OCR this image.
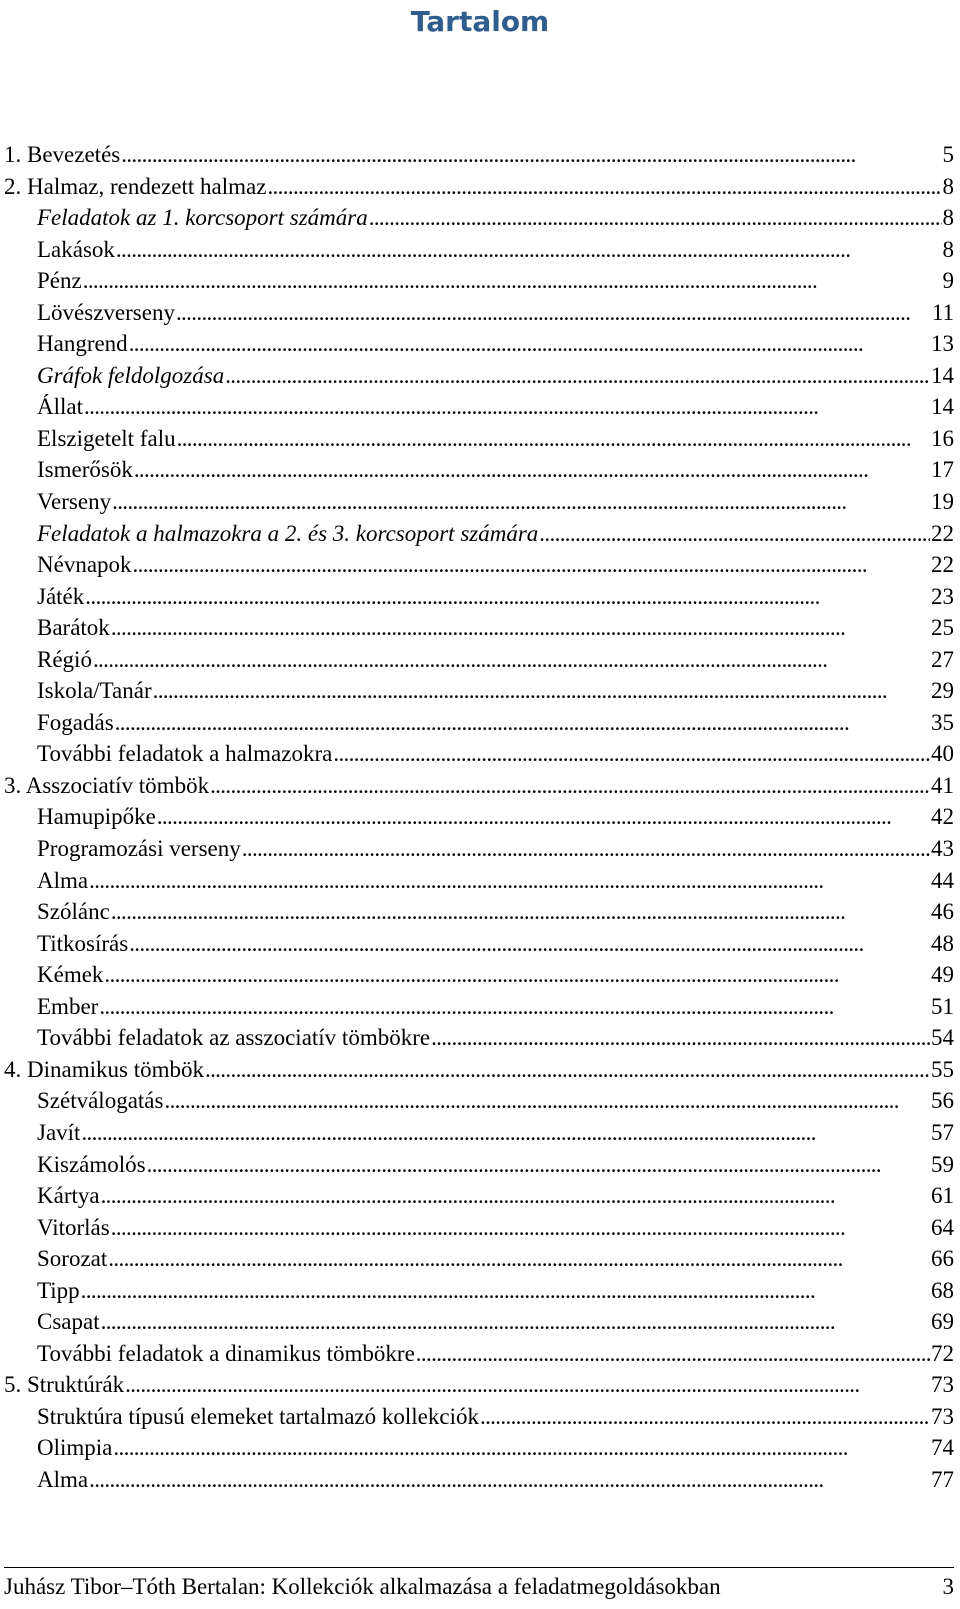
Tartalom
1. Bevezetés . . .	5
2. Halmaz, rendezett halmaz . . .	8
Feladatok az 1. korcsoport számára . . .	8
Lakások . . .	8
Pénz . . .	9
Lövészverseny . . .	11
Hangrend . . .	13
Gráfok feldolgozása . . .	14
Állat . . .	14
Elszigetelt falu . . .	16
Ismerősök . . .	17
Verseny . . .	19
Feladatok a halmazokra a 2. és 3. korcsoport számára . . .	22
Névnapok . . .	22
Játék . . .	23
Barátok . . .	25
Régió . . .	27
Iskola/Tanár . . .	29
Fogadás . . .	35
További feladatok a halmazokra . . .	40
3. Asszociatív tömbök . . .	41
Hamupipőke . . .	42
Programozási verseny . . .	43
Alma . . .	44
Szólánc . . .	46
Titkosírás . . .	48
Kémek . . .	49
Ember . . .	51
További feladatok az asszociatív tömbökre . . .	54
4. Dinamikus tömbök . . .	55
Szétválogatás . . .	56
Javít . . .	57
Kiszámolós . . .	59
Kártya . . .	61
Vitorlás . . .	64
Sorozat . . .	66
Tipp . . .	68
Csapat . . .	69
További feladatok a dinamikus tömbökre . . .	72
5. Struktúrák . . .	73
Struktúra típusú elemeket tartalmazó kollekciók . . .	73
Olimpia . . .	74
Alma . . .	77
Juhász Tibor–Tóth Bertalan: Kollekciók alkalmazása a feladatmegoldásokban	3
